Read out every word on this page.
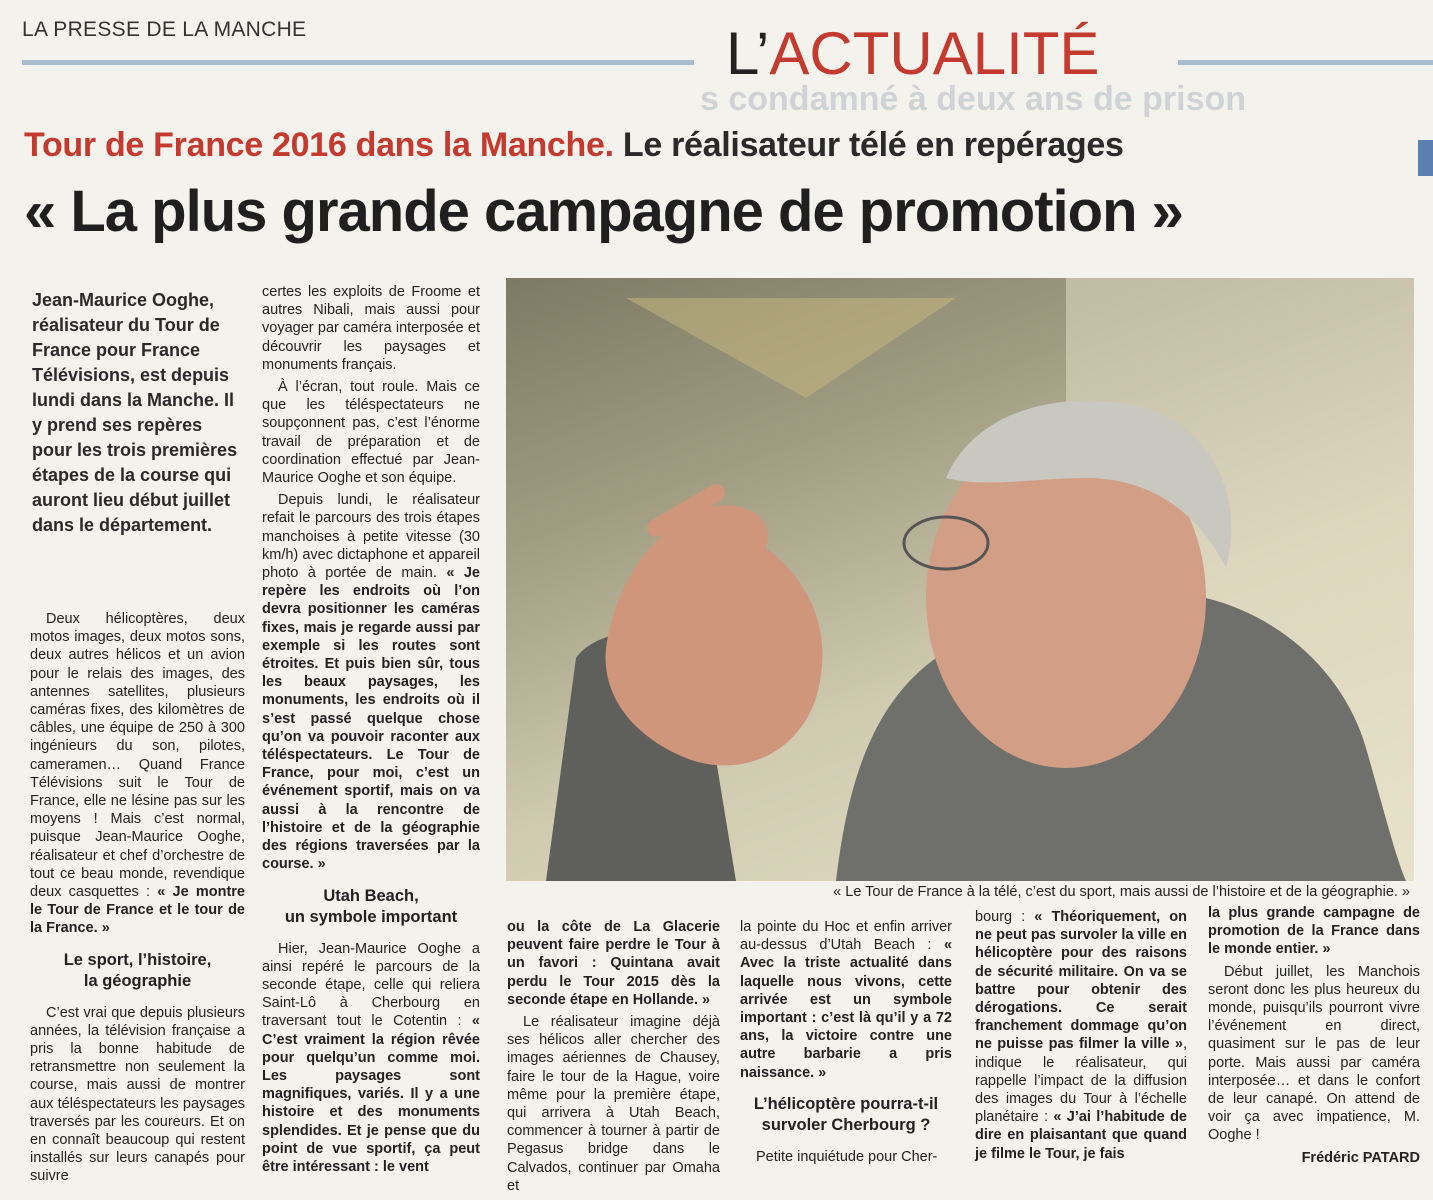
LA PRESSE DE LA MANCHE
s condamné à deux ans de prison
L’ACTUALITÉ
Tour de France 2016 dans la Manche. Le réalisateur télé en repérages
« La plus grande campagne de promotion »
Jean-Maurice Ooghe, réalisateur du Tour de France pour France Télévisions, est depuis lundi dans la Manche. Il y prend ses repères pour les trois premières étapes de la course qui auront lieu début juillet dans le département.

Deux hélicoptères, deux motos images, deux motos sons, deux autres hélicos et un avion pour le relais des images, des antennes satellites, plusieurs caméras fixes, des kilomètres de câbles, une équipe de 250 à 300 ingénieurs du son, pilotes, cameramen… Quand France Télévisions suit le Tour de France, elle ne lésine pas sur les moyens ! Mais c’est normal, puisque Jean-Maurice Ooghe, réalisateur et chef d’orchestre de tout ce beau monde, revendique deux casquettes : « Je montre le Tour de France et le tour de la France. »

Le sport, l’histoire,
la géographie

C’est vrai que depuis plusieurs années, la télévision française a pris la bonne habitude de retransmettre non seulement la course, mais aussi de montrer aux téléspectateurs les paysages traversés par les coureurs. Et on en connaît beaucoup qui restent installés sur leurs canapés pour suivre

certes les exploits de Froome et autres Nibali, mais aussi pour voyager par caméra interposée et découvrir les paysages et monuments français.

À l’écran, tout roule. Mais ce que les téléspectateurs ne soupçonnent pas, c’est l’énorme travail de préparation et de coordination effectué par Jean-Maurice Ooghe et son équipe.

Depuis lundi, le réalisateur refait le parcours des trois étapes manchoises à petite vitesse (30 km/h) avec dictaphone et appareil photo à portée de main. « Je repère les endroits où l’on devra positionner les caméras fixes, mais je regarde aussi par exemple si les routes sont étroites. Et puis bien sûr, tous les beaux paysages, les monuments, les endroits où il s’est passé quelque chose qu’on va pouvoir raconter aux téléspectateurs. Le Tour de France, pour moi, c’est un événement sportif, mais on va aussi à la rencontre de l’histoire et de la géographie des régions traversées par la course. »

Utah Beach,
un symbole important

Hier, Jean-Maurice Ooghe a ainsi repéré le parcours de la seconde étape, celle qui reliera Saint-Lô à Cherbourg en traversant tout le Cotentin : « C’est vraiment la région rêvée pour quelqu’un comme moi. Les paysages sont magnifiques, variés. Il y a une histoire et des monuments splendides. Et je pense que du point de vue sportif, ça peut être intéressant : le vent

« Le Tour de France à la télé, c’est du sport, mais aussi de l’histoire et de la géographie. »

ou la côte de La Glacerie peuvent faire perdre le Tour à un favori : Quintana avait perdu le Tour 2015 dès la seconde étape en Hollande. »

Le réalisateur imagine déjà ses hélicos aller chercher des images aériennes de Chausey, faire le tour de la Hague, voire même pour la première étape, qui arrivera à Utah Beach, commencer à tourner à partir de Pegasus bridge dans le Calvados, continuer par Omaha et

la pointe du Hoc et enfin arriver au-dessus d’Utah Beach : « Avec la triste actualité dans laquelle nous vivons, cette arrivée est un symbole important : c’est là qu’il y a 72 ans, la victoire contre une autre barbarie a pris naissance. »

L’hélicoptère pourra-t-il
survoler Cherbourg ?

Petite inquiétude pour Cher-

bourg : « Théoriquement, on ne peut pas survoler la ville en hélicoptère pour des raisons de sécurité militaire. On va se battre pour obtenir des dérogations. Ce serait franchement dommage qu’on ne puisse pas filmer la ville », indique le réalisateur, qui rappelle l’impact de la diffusion des images du Tour à l’échelle planétaire : « J’ai l’habitude de dire en plaisantant que quand je filme le Tour, je fais

la plus grande campagne de promotion de la France dans le monde entier. »

Début juillet, les Manchois seront donc les plus heureux du monde, puisqu’ils pourront vivre l’événement en direct, quasiment sur le pas de leur porte. Mais aussi par caméra interposée… et dans le confort de leur canapé. On attend de voir ça avec impatience, M. Ooghe !

Frédéric PATARD
